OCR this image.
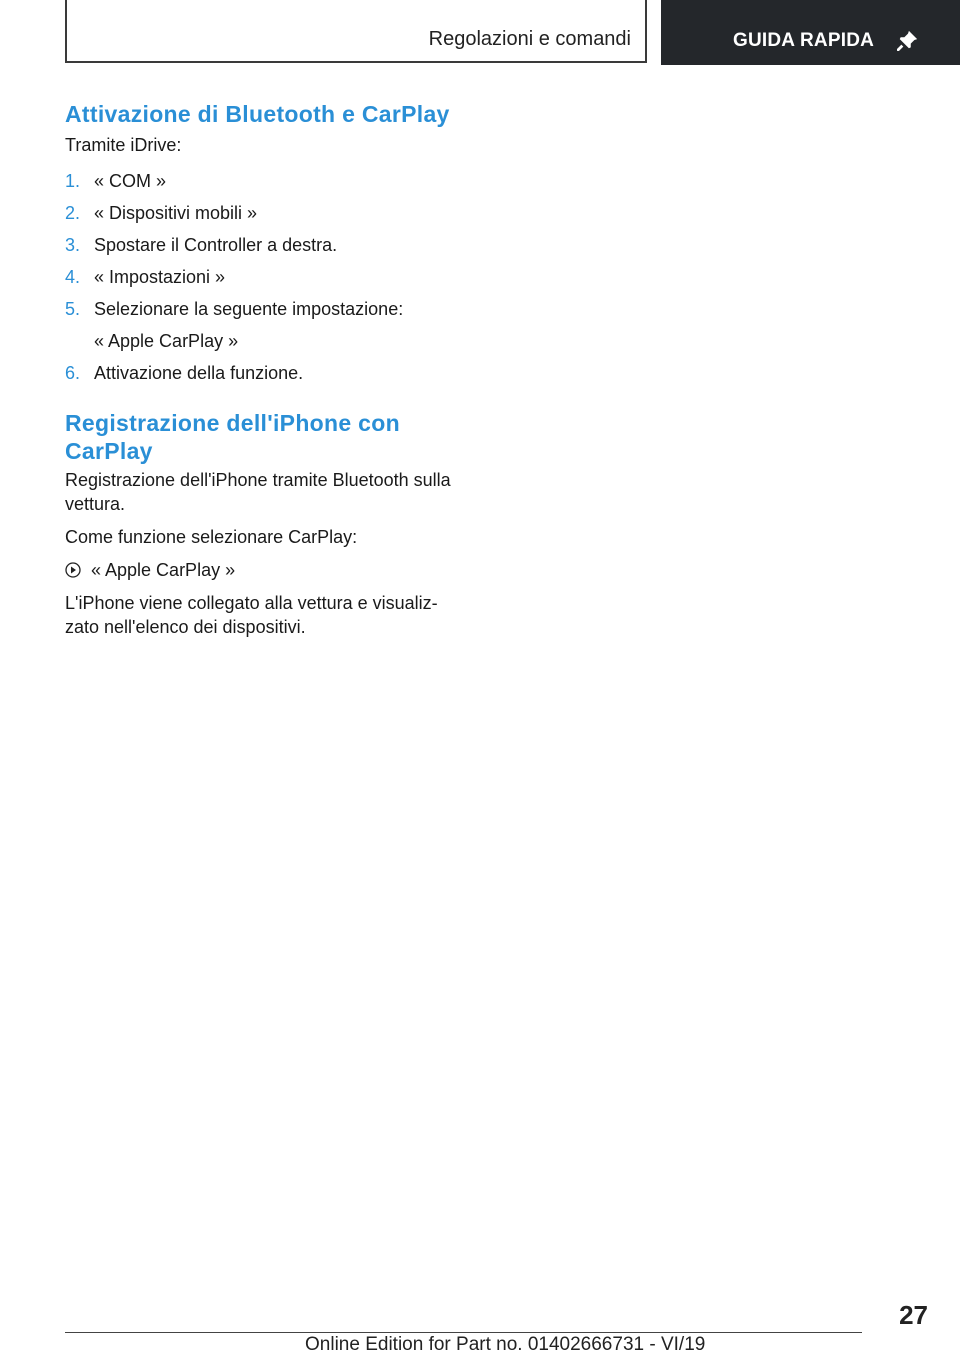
Regolazioni e comandi	GUIDA RAPIDA
Attivazione di Bluetooth e CarPlay

Tramite iDrive:

1. « COM »
2. « Dispositivi mobili »
3. Spostare il Controller a destra.
4. « Impostazioni »
5. Selezionare la seguente impostazione:
« Apple CarPlay »
6. Attivazione della funzione.
Registrazione dell'iPhone con
CarPlay

Registrazione dell'iPhone tramite Bluetooth sulla vettura.

Come funzione selezionare CarPlay:

« Apple CarPlay »

L'iPhone viene collegato alla vettura e visualiz-
zato nell'elenco dei dispositivi.

27
Online Edition for Part no. 01402666731 - VI/19
